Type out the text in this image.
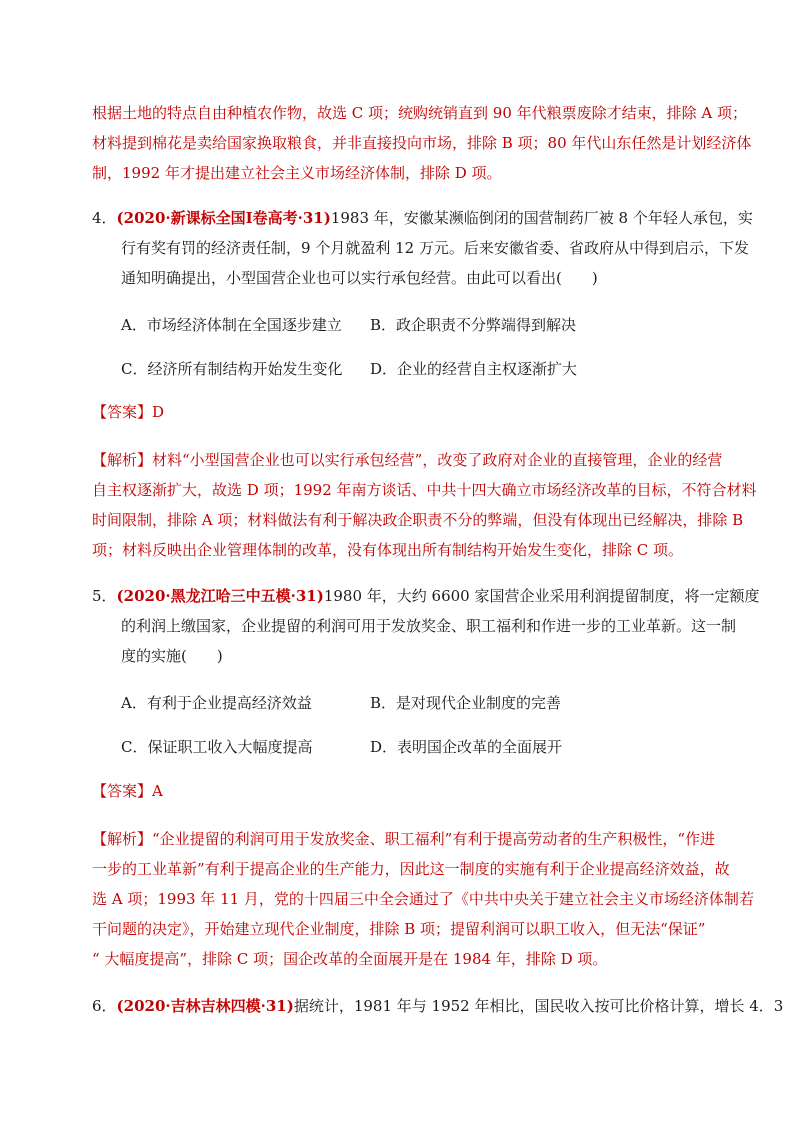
根据土地的特点自由种植农作物，故选 C 项；统购统销直到 90 年代粮票废除才结束，排除 A 项；
材料提到棉花是卖给国家换取粮食，并非直接投向市场，排除 B 项；80 年代山东任然是计划经济体
制，1992 年才提出建立社会主义市场经济体制，排除 D 项。
4．(2020·新课标全国Ⅰ卷高考·31)1983 年，安徽某濒临倒闭的国营制药厂被 8 个年轻人承包，实
行有奖有罚的经济责任制，9 个月就盈利 12 万元。后来安徽省委、省政府从中得到启示，下发
通知明确提出，小型国营企业也可以实行承包经营。由此可以看出(　　)
A．市场经济体制在全国逐步建立 B．政企职责不分弊端得到解决
C．经济所有制结构开始发生变化 D．企业的经营自主权逐渐扩大
【答案】D
【解析】材料“小型国营企业也可以实行承包经营”，改变了政府对企业的直接管理，企业的经营
自主权逐渐扩大，故选 D 项；1992 年南方谈话、中共十四大确立市场经济改革的目标，不符合材料
时间限制，排除 A 项；材料做法有利于解决政企职责不分的弊端，但没有体现出已经解决，排除 B
项；材料反映出企业管理体制的改革，没有体现出所有制结构开始发生变化，排除 C 项。
5．(2020·黑龙江哈三中五模·31)1980 年，大约 6600 家国营企业采用利润提留制度，将一定额度
的利润上缴国家，企业提留的利润可用于发放奖金、职工福利和作进一步的工业革新。这一制
度的实施(　　)
A．有利于企业提高经济效益	B．是对现代企业制度的完善
C．保证职工收入大幅度提高	D．表明国企改革的全面展开
【答案】A
【解析】“企业提留的利润可用于发放奖金、职工福利”有利于提高劳动者的生产积极性，“作进
一步的工业革新”有利于提高企业的生产能力，因此这一制度的实施有利于企业提高经济效益，故
选 A 项；1993 年 11 月，党的十四届三中全会通过了《中共中央关于建立社会主义市场经济体制若
干问题的决定》，开始建立现代企业制度，排除 B 项；提留利润可以职工收入，但无法“保证”
“ 大幅度提高”，排除 C 项；国企改革的全面展开是在 1984 年，排除 D 项。
6．(2020·吉林吉林四模·31)据统计，1981 年与 1952 年相比，国民收入按可比价格计算，增长 4．3
